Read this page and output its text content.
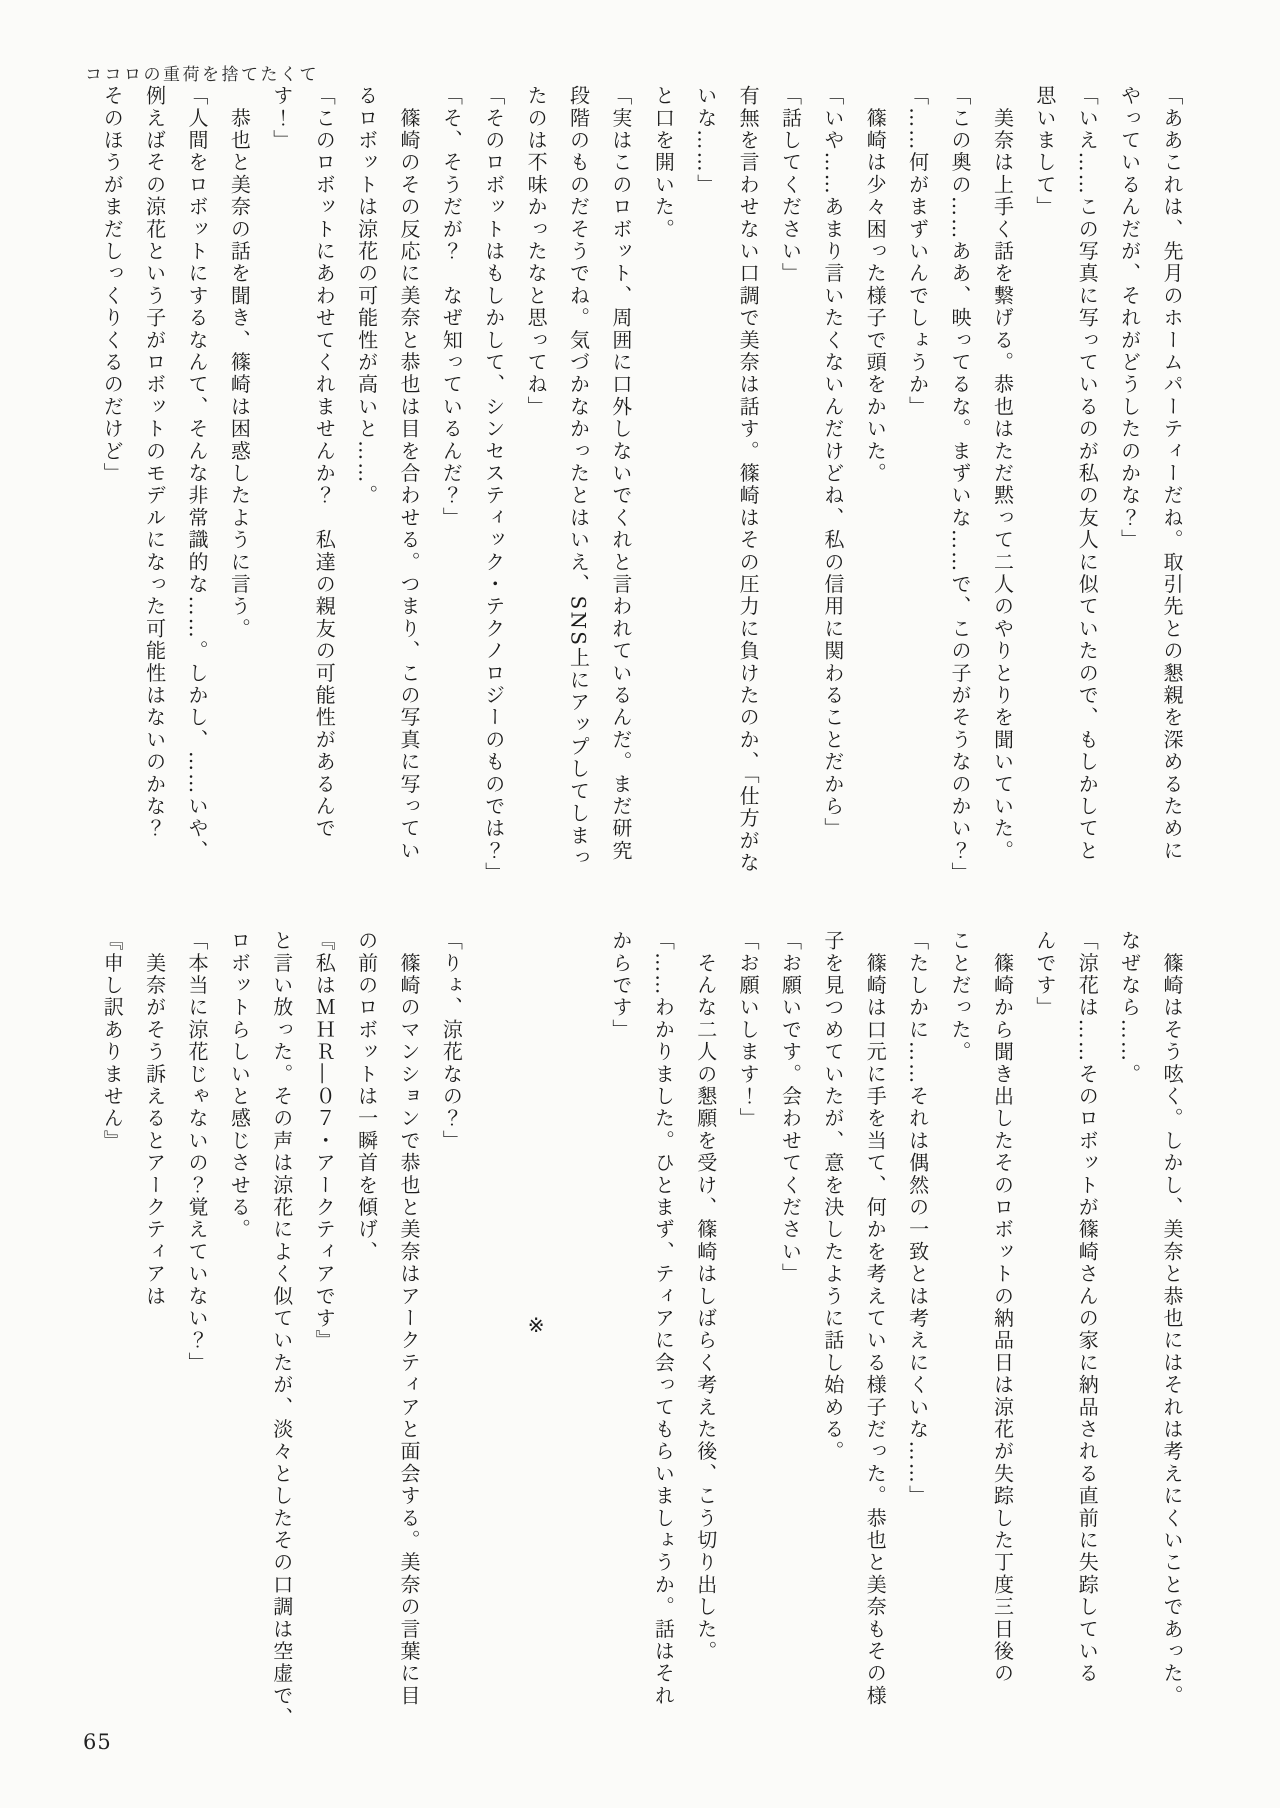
ココロの重荷を捨てたくて
「ああこれは、先月のホームパーティーだね。取引先との懇親を深めるために
やっているんだが、それがどうしたのかな？」
「いえ……この写真に写っているのが私の友人に似ていたので、もしかしてと
思いまして」
　美奈は上手く話を繋げる。恭也はただ黙って二人のやりとりを聞いていた。
「この奥の……ああ、映ってるな。まずいな……で、この子がそうなのかい？」
「……何がまずいんでしょうか」
　篠崎は少々困った様子で頭をかいた。
「いや……あまり言いたくないんだけどね、私の信用に関わることだから」
「話してください」
有無を言わせない口調で美奈は話す。篠崎はその圧力に負けたのか、「仕方がな
いな……」
と口を開いた。
「実はこのロボット、周囲に口外しないでくれと言われているんだ。まだ研究
段階のものだそうでね。気づかなかったとはいえ、SNS上にアップしてしまっ
たのは不味かったなと思ってね」
「そのロボットはもしかして、シンセスティック・テクノロジーのものでは？」
「そ、そうだが？　なぜ知っているんだ？」
　篠崎のその反応に美奈と恭也は目を合わせる。つまり、この写真に写ってい
るロボットは涼花の可能性が高いと……。
「このロボットにあわせてくれませんか？　私達の親友の可能性があるんで
す！」
　恭也と美奈の話を聞き、篠崎は困惑したように言う。
「人間をロボットにするなんて、そんな非常識的な……。しかし、……いや、
例えばその涼花という子がロボットのモデルになった可能性はないのかな？
そのほうがまだしっくりくるのだけど」
　篠崎はそう呟く。しかし、美奈と恭也にはそれは考えにくいことであった。
なぜなら……。
「涼花は……そのロボットが篠崎さんの家に納品される直前に失踪している
んです」
　篠崎から聞き出したそのロボットの納品日は涼花が失踪した丁度三日後の
ことだった。
「たしかに……それは偶然の一致とは考えにくいな……」
　篠崎は口元に手を当て、何かを考えている様子だった。恭也と美奈もその様
子を見つめていたが、意を決したように話し始める。
「お願いです。会わせてください」
「お願いします！」
　そんな二人の懇願を受け、篠崎はしばらく考えた後、こう切り出した。
「……わかりました。ひとまず、ティアに会ってもらいましょうか。話はそれ
からです」
※
「りょ、涼花なの？」
　篠崎のマンションで恭也と美奈はアークティアと面会する。美奈の言葉に目
の前のロボットは一瞬首を傾げ、
『私はＭＨＲ―０７・アークティアです』
と言い放った。その声は涼花によく似ていたが、淡々としたその口調は空虚で、
ロボットらしいと感じさせる。
「本当に涼花じゃないの？覚えていない？」
　美奈がそう訴えるとアークティアは
『申し訳ありません』
65
